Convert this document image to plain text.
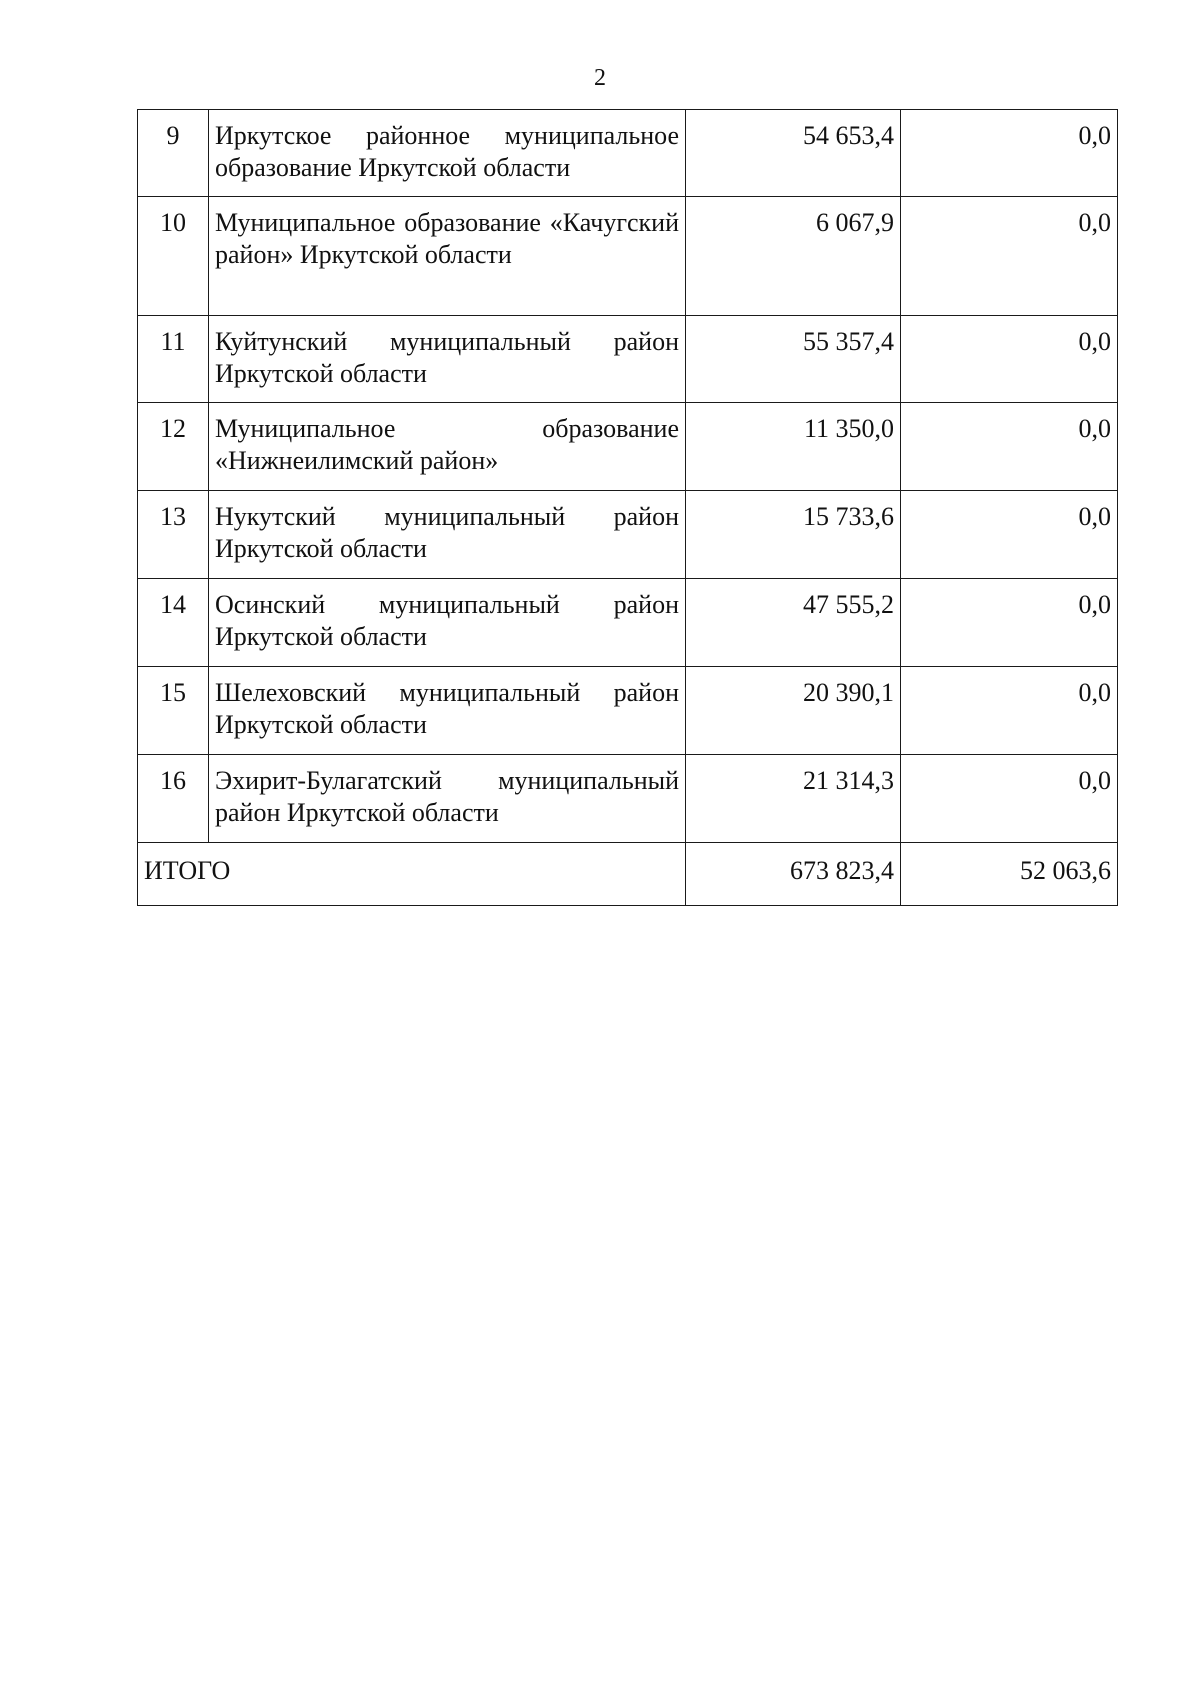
2
9	Иркутское районное муниципальное образование Иркутской области	54 653,4	0,0
10	Муниципальное образование «Качугский район» Иркутской области	6 067,9	0,0
11	Куйтунский муниципальный район Иркутской области	55 357,4	0,0
12	Муниципальное образование «Нижнеилимский район»	11 350,0	0,0
13	Нукутский муниципальный район Иркутской области	15 733,6	0,0
14	Осинский муниципальный район Иркутской области	47 555,2	0,0
15	Шелеховский муниципальный район Иркутской области	20 390,1	0,0
16	Эхирит-Булагатский муниципальный район Иркутской области	21 314,3	0,0
ИТОГО		673 823,4	52 063,6
